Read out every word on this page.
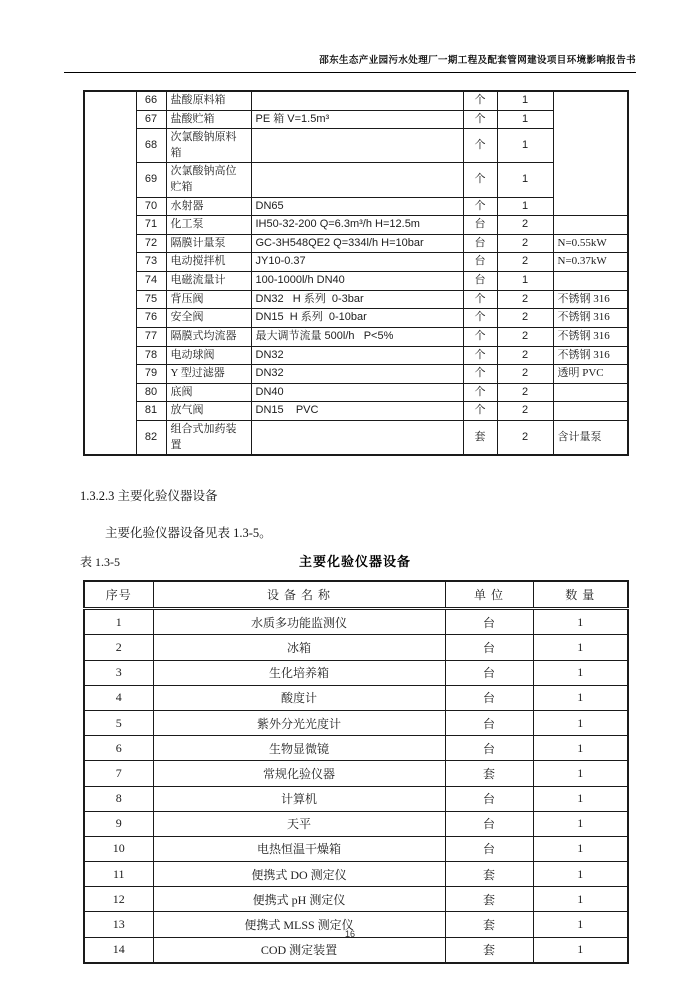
邵东生态产业园污水处理厂一期工程及配套管网建设项目环境影响报告书
	66	盐酸原料箱		个	1	
	67	盐酸贮箱	PE 箱 V=1.5m³	个	1	
	68	次氯酸钠原料箱		个	1	
	69	次氯酸钠高位贮箱		个	1	
	70	水射器	DN65	个	1	
	71	化工泵	IH50-32-200 Q=6.3m³/h H=12.5m	台	2	
	72	隔膜计量泵	GC-3H548QE2 Q=334l/h H=10bar	台	2	N=0.55kW
	73	电动搅拌机	JY10-0.37	台	2	N=0.37kW
	74	电磁流量计	100-1000l/h DN40	台	1	
	75	背压阀	DN32   H 系列  0-3bar	个	2	不锈钢 316
	76	安全阀	DN15  H 系列  0-10bar	个	2	不锈钢 316
	77	隔膜式均流器	最大调节流量 500l/h   P<5%	个	2	不锈钢 316
	78	电动球阀	DN32	个	2	不锈钢 316
	79	Y 型过滤器	DN32	个	2	透明 PVC
	80	底阀	DN40	个	2	
	81	放气阀	DN15    PVC	个	2	
	82	组合式加药装置		套	2	含计量泵
1.3.2.3 主要化验仪器设备
主要化验仪器设备见表 1.3-5。
表 1.3-5	主要化验仪器设备
序号	设 备 名 称	单 位	数 量
1	水质多功能监测仪	台	1
2	冰箱	台	1
3	生化培养箱	台	1
4	酸度计	台	1
5	紫外分光光度计	台	1
6	生物显微镜	台	1
7	常规化验仪器	套	1
8	计算机	台	1
9	天平	台	1
10	电热恒温干燥箱	台	1
11	便携式 DO 测定仪	套	1
12	便携式 pH 测定仪	套	1
13	便携式 MLSS 测定仪	套	1
14	COD 测定装置	套	1
16
